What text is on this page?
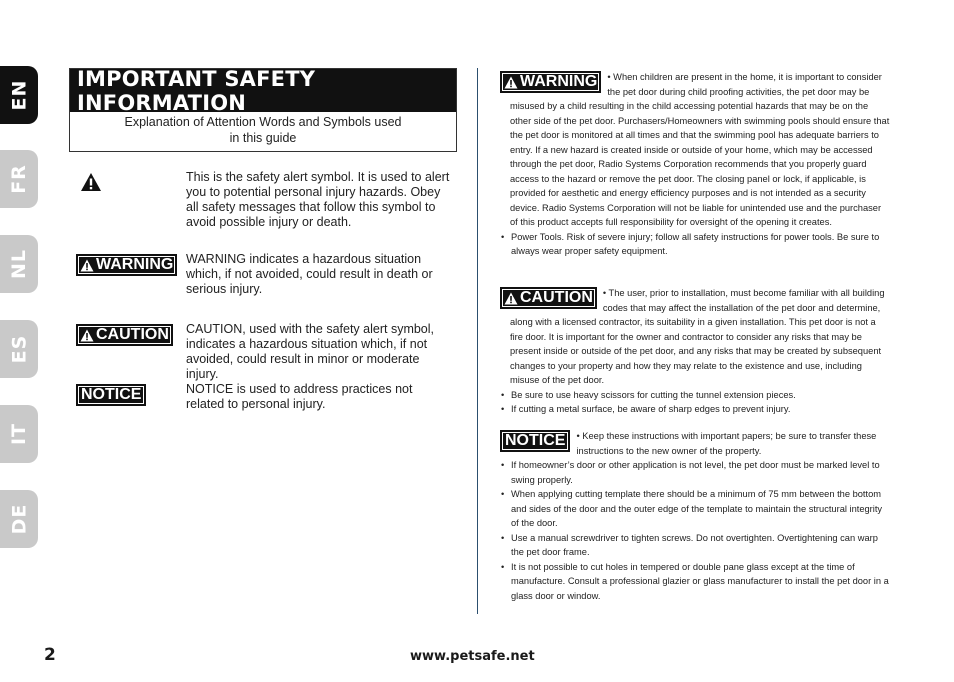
EN
FR
NL
ES
IT
DE
IMPORTANT SAFETY INFORMATION
Explanation of Attention Words and Symbols used
in this guide
This is the safety alert symbol. It is used to alert you to potential personal injury hazards. Obey all safety messages that follow this symbol to avoid possible injury or death.
WARNING WARNING indicates a hazardous situation which, if not avoided, could result in death or serious injury.
CAUTION CAUTION, used with the safety alert symbol, indicates a hazardous situation which, if not avoided, could result in minor or moderate injury.
NOTICE	NOTICE is used to address practices not related to personal injury.
WARNING	• When children are present in the home, it is important to consider the pet door during child proofing activities, the pet door may be misused by a child resulting in the child accessing potential hazards that may be on the other side of the pet door. Purchasers/Homeowners with swimming pools should ensure that the pet door is monitored at all times and that the swimming pool has adequate barriers to entry. If a new hazard is created inside or outside of your home, which may be accessed through the pet door, Radio Systems Corporation recommends that you properly guard access to the hazard or remove the pet door. The closing panel or lock, if applicable, is provided for aesthetic and energy efficiency purposes and is not intended as a security device. Radio Systems Corporation will not be liable for unintended use and the purchaser of this product accepts full responsibility for oversight of the opening it creates.
• Power Tools. Risk of severe injury; follow all safety instructions for power tools. Be sure to always wear proper safety equipment.
CAUTION	• The user, prior to installation, must become familiar with all building codes that may affect the installation of the pet door and determine, along with a licensed contractor, its suitability in a given installation. This pet door is not a fire door. It is important for the owner and contractor to consider any risks that may be present inside or outside of the pet door, and any risks that may be created by subsequent changes to your property and how they may relate to the existence and use, including misuse of the pet door.
• Be sure to use heavy scissors for cutting the tunnel extension pieces.
• If cutting a metal surface, be aware of sharp edges to prevent injury.
NOTICE	• Keep these instructions with important papers; be sure to transfer these instructions to the new owner of the property.
• If homeowner’s door or other application is not level, the pet door must be marked level to swing properly.
• When applying cutting template there should be a minimum of 75 mm between the bottom and sides of the door and the outer edge of the template to maintain the structural integrity of the door.
• Use a manual screwdriver to tighten screws. Do not overtighten. Overtightening can warp the pet door frame.
• It is not possible to cut holes in tempered or double pane glass except at the time of manufacture. Consult a professional glazier or glass manufacturer to install the pet door in a glass door or window.
2	www.petsafe.net
